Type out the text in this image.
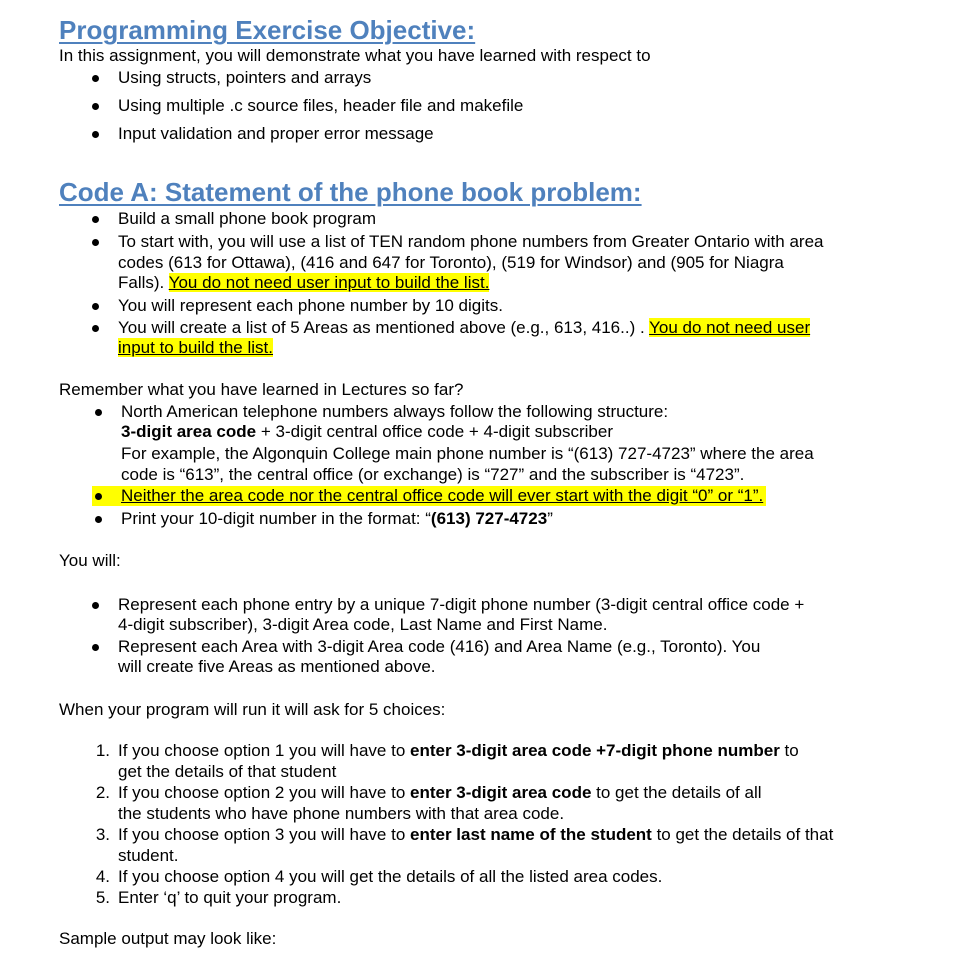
Programming Exercise Objective:
In this assignment, you will demonstrate what you have learned with respect to
Using structs, pointers and arrays
Using multiple .c source files, header file and makefile
Input validation and proper error message
Code A: Statement of the phone book problem:
Build a small phone book program
To start with, you will use a list of TEN random phone numbers from Greater Ontario with area
codes (613 for Ottawa), (416 and 647 for Toronto), (519 for Windsor) and (905 for Niagra
Falls). You do not need user input to build the list.
You will represent each phone number by 10 digits.
You will create a list of 5 Areas as mentioned above (e.g., 613, 416..) . You do not need user
input to build the list.
Remember what you have learned in Lectures so far?
North American telephone numbers always follow the following structure:
3-digit area code + 3-digit central office code + 4-digit subscriber
For example, the Algonquin College main phone number is “(613) 727-4723” where the area
code is “613”, the central office (or exchange) is “727” and the subscriber is “4723”.
Neither the area code nor the central office code will ever start with the digit “0” or “1”.
Print your 10-digit number in the format: “(613) 727-4723”
You will:
Represent each phone entry by a unique 7-digit phone number (3-digit central office code +
4-digit subscriber), 3-digit Area code, Last Name and First Name.
Represent each Area with 3-digit Area code (416) and Area Name (e.g., Toronto). You
will create five Areas as mentioned above.
When your program will run it will ask for 5 choices:
1. If you choose option 1 you will have to enter 3-digit area code +7-digit phone number to
get the details of that student
2. If you choose option 2 you will have to enter 3-digit area code to get the details of all
the students who have phone numbers with that area code.
3. If you choose option 3 you will have to enter last name of the student to get the details of that
student.
4. If you choose option 4 you will get the details of all the listed area codes.
5. Enter ‘q’ to quit your program.
Sample output may look like:
